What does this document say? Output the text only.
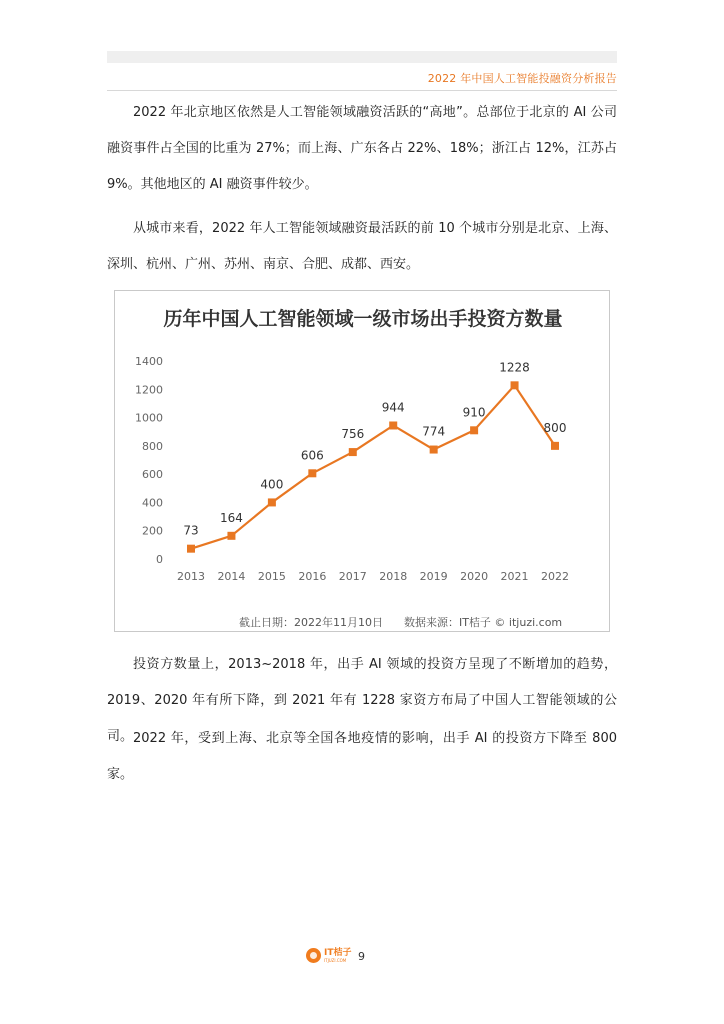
2022 年中国人工智能投融资分析报告

2022 年北京地区依然是人工智能领域融资活跃的“高地”。总部位于北京的 AI 公司融资事件占全国的比重为 27%；而上海、广东各占 22%、18%；浙江占 12%，江苏占 9%。其他地区的 AI 融资事件较少。

从城市来看，2022 年人工智能领域融资最活跃的前 10 个城市分别是北京、上海、深圳、杭州、广州、苏州、南京、合肥、成都、西安。

历年中国人工智能领域一级市场出手投资方数量
0
200
400
600
800
1000
1200
1400
2013 2014 2015 2016 2017 2018 2019 2020 2021 2022
73
164
400
606
756
944
774
910
1228
800
截止日期：2022年11月10日      数据来源：IT桔子 © itjuzi.com

投资方数量上，2013~2018 年，出手 AI 领域的投资方呈现了不断增加的趋势，2019、2020 年有所下降，到 2021 年有 1228 家资方布局了中国人工智能领域的公司。 2022 年，受到上海、北京等全国各地疫情的影响，出手 AI 的投资方下降至 800 家。

IT桔子
ITJUZI.COM	9
